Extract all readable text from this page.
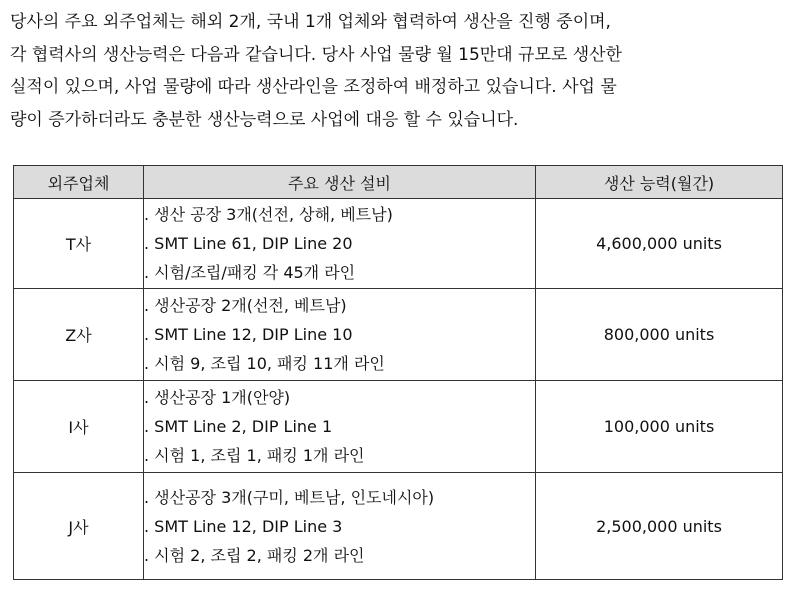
당사의 주요 외주업체는 해외 2개, 국내 1개 업체와 협력하여 생산을 진행 중이며,
각 협력사의 생산능력은 다음과 같습니다. 당사 사업 물량 월 15만대 규모로 생산한
실적이 있으며, 사업 물량에 따라 생산라인을 조정하여 배정하고 있습니다. 사업 물
량이 증가하더라도 충분한 생산능력으로 사업에 대응 할 수 있습니다.

외주업체	주요 생산 설비	생산 능력(월간)
T사	. 생산 공장 3개(선전, 상해, 베트남)
. SMT Line 61, DIP Line 20
. 시험/조립/패킹 각 45개 라인	4,600,000 units
Z사	. 생산공장 2개(선전, 베트남)
. SMT Line 12, DIP Line 10
. 시험 9, 조립 10, 패킹 11개 라인	800,000 units
I사	. 생산공장 1개(안양)
. SMT Line 2, DIP Line 1
. 시험 1, 조립 1, 패킹 1개 라인	100,000 units
J사	. 생산공장 3개(구미, 베트남, 인도네시아)
. SMT Line 12, DIP Line 3
. 시험 2, 조립 2, 패킹 2개 라인	2,500,000 units
